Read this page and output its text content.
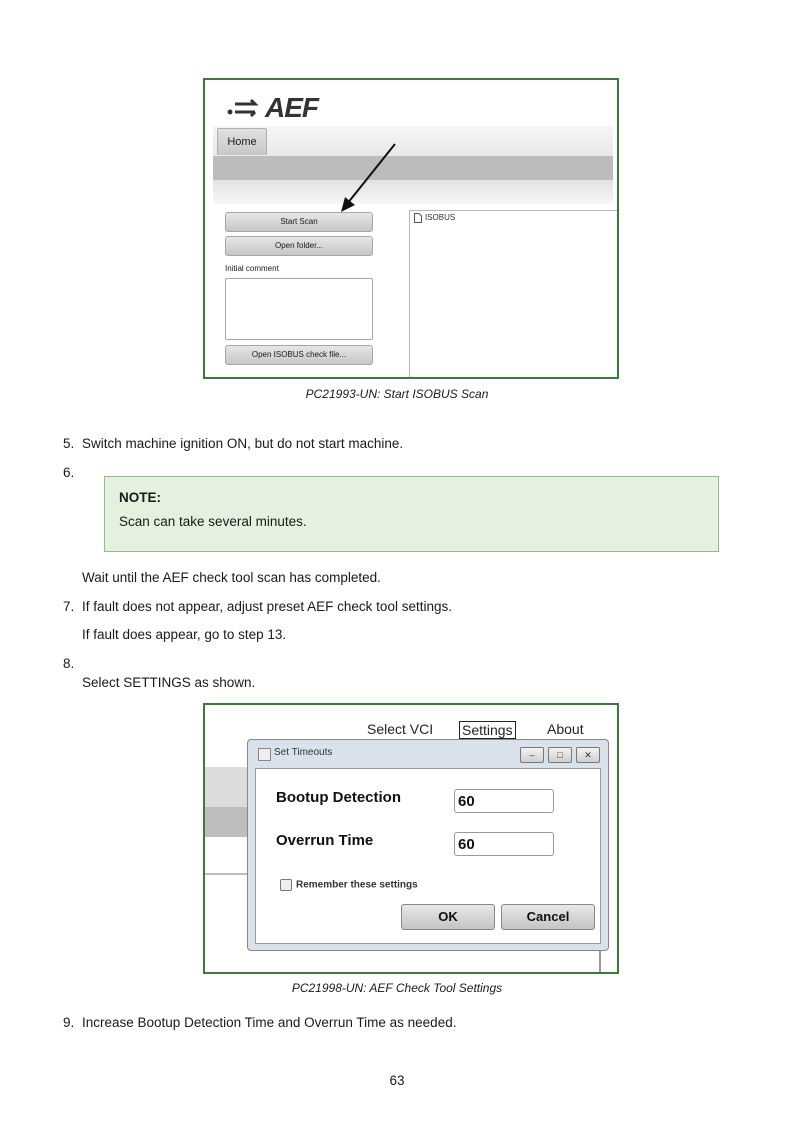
AEF
Home
Start Scan
Open folder...
Initial comment
Open ISOBUS check file...
ISOBUS
PC21993-UN: Start ISOBUS Scan
5. Switch machine ignition ON, but do not start machine.
6.
NOTE:
Scan can take several minutes.
Wait until the AEF check tool scan has completed.
7. If fault does not appear, adjust preset AEF check tool settings.
If fault does appear, go to step 13.
8.
Select SETTINGS as shown.
Select VCI Settings About
Set Timeouts	–	□	✕
Bootup Detection	60
Overrun Time	60
Remember these settings
OK	Cancel
PC21998-UN: AEF Check Tool Settings
9. Increase Bootup Detection Time and Overrun Time as needed.
63
